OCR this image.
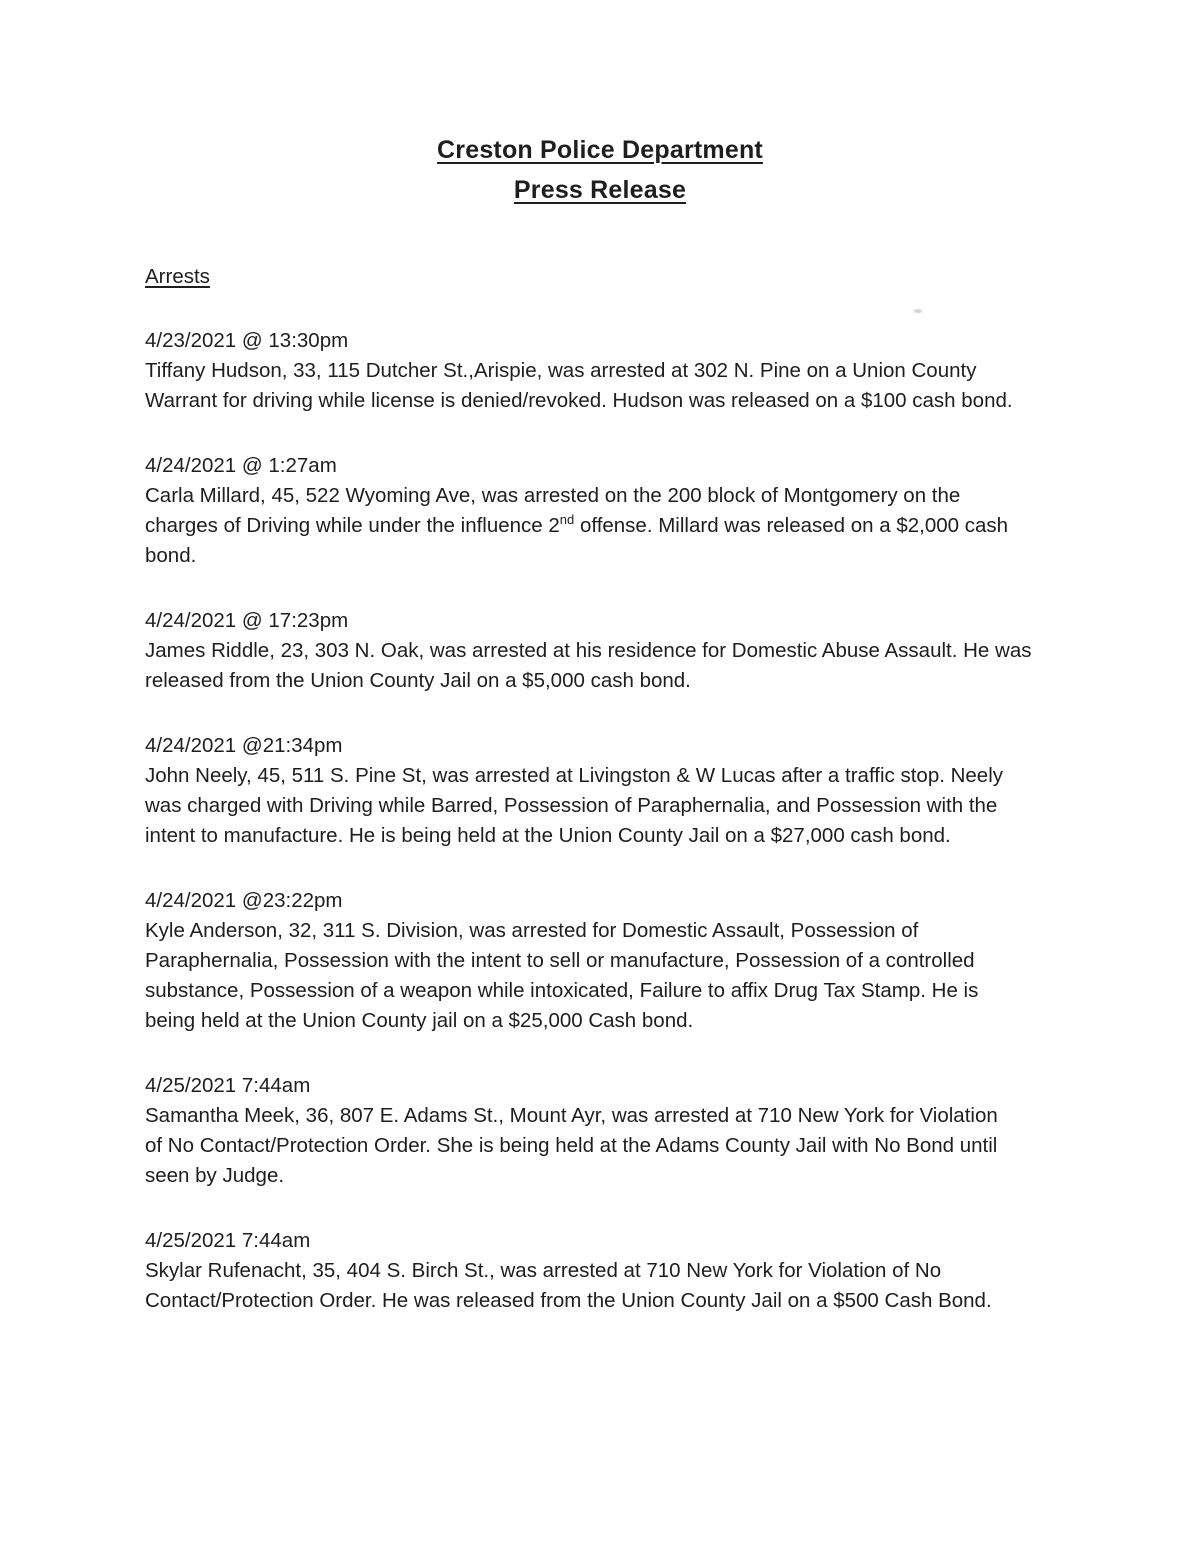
Creston Police Department
Press Release
Arrests
4/23/2021 @ 13:30pm
Tiffany Hudson, 33, 115 Dutcher St.,Arispie, was arrested at 302 N. Pine on a Union County
Warrant for driving while license is denied/revoked. Hudson was released on a $100 cash bond.
4/24/2021 @ 1:27am
Carla Millard, 45, 522 Wyoming Ave, was arrested on the 200 block of Montgomery on the
charges of Driving while under the influence 2nd offense. Millard was released on a $2,000 cash
bond.
4/24/2021 @ 17:23pm
James Riddle, 23, 303 N. Oak, was arrested at his residence for Domestic Abuse Assault. He was
released from the Union County Jail on a $5,000 cash bond.
4/24/2021 @21:34pm
John Neely, 45, 511 S. Pine St, was arrested at Livingston & W Lucas after a traffic stop. Neely
was charged with Driving while Barred, Possession of Paraphernalia, and Possession with the
intent to manufacture. He is being held at the Union County Jail on a $27,000 cash bond.
4/24/2021 @23:22pm
Kyle Anderson, 32, 311 S. Division, was arrested for Domestic Assault, Possession of
Paraphernalia, Possession with the intent to sell or manufacture, Possession of a controlled
substance, Possession of a weapon while intoxicated, Failure to affix Drug Tax Stamp. He is
being held at the Union County jail on a $25,000 Cash bond.
4/25/2021 7:44am
Samantha Meek, 36, 807 E. Adams St., Mount Ayr, was arrested at 710 New York for Violation
of No Contact/Protection Order. She is being held at the Adams County Jail with No Bond until
seen by Judge.
4/25/2021 7:44am
Skylar Rufenacht, 35, 404 S. Birch St., was arrested at 710 New York for Violation of No
Contact/Protection Order. He was released from the Union County Jail on a $500 Cash Bond.
